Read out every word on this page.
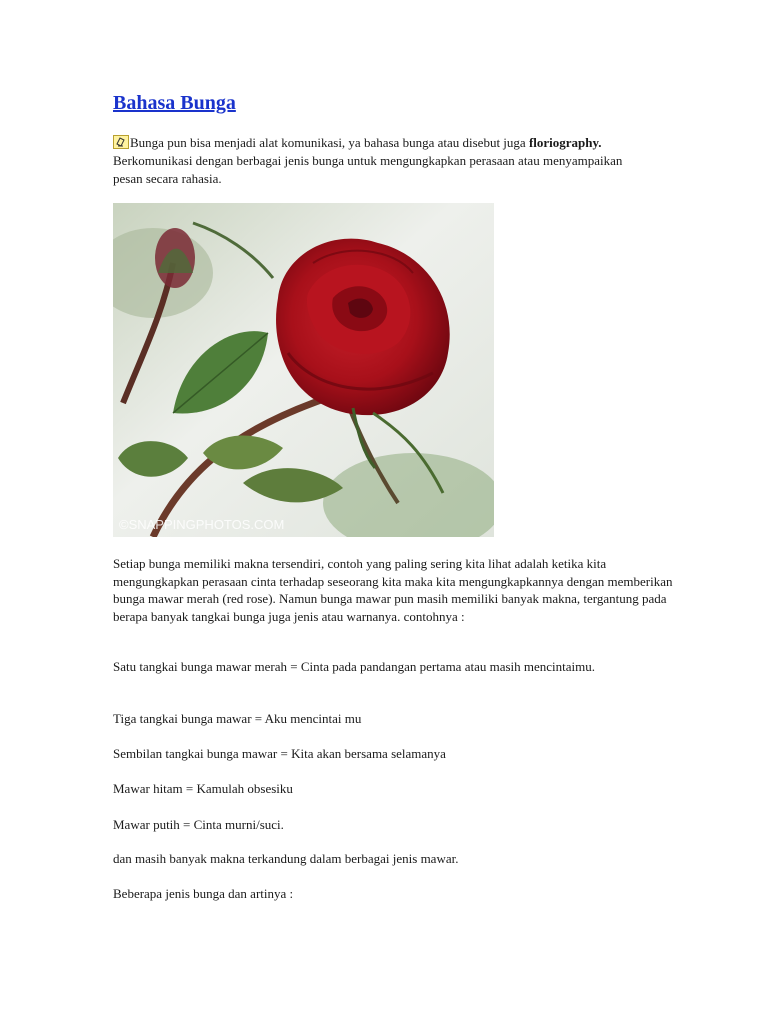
Bahasa Bunga

Bunga pun bisa menjadi alat komunikasi, ya bahasa bunga atau disebut juga floriography. Berkomunikasi dengan berbagai jenis bunga untuk mengungkapkan perasaan atau menyampaikan pesan secara rahasia.

©SNAPPINGPHOTOS.COM

Setiap bunga memiliki makna tersendiri, contoh yang paling sering kita lihat adalah ketika kita mengungkapkan perasaan cinta terhadap seseorang kita maka kita mengungkapkannya dengan memberikan bunga mawar merah (red rose). Namun bunga mawar pun masih memiliki banyak makna, tergantung pada berapa banyak tangkai bunga juga jenis atau warnanya. contohnya :

Satu tangkai bunga mawar merah = Cinta pada pandangan pertama atau masih mencintaimu.

Tiga tangkai bunga mawar = Aku mencintai mu

Sembilan tangkai bunga mawar = Kita akan bersama selamanya

Mawar hitam = Kamulah obsesiku

Mawar putih = Cinta murni/suci.

dan masih banyak makna terkandung dalam berbagai jenis mawar.

Beberapa jenis bunga dan artinya :
